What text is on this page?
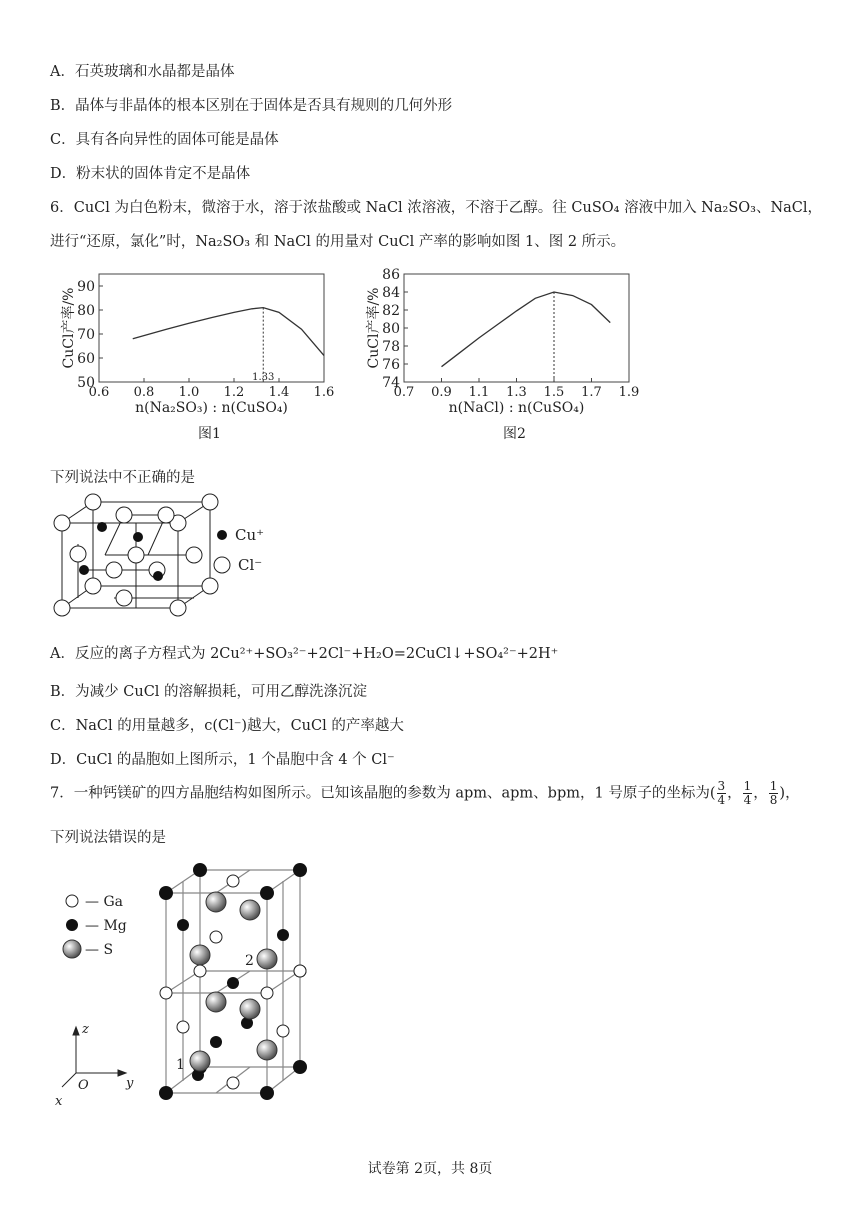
A．石英玻璃和水晶都是晶体
B．晶体与非晶体的根本区别在于固体是否具有规则的几何外形
C．具有各向异性的固体可能是晶体
D．粉末状的固体肯定不是晶体
6．CuCl 为白色粉末，微溶于水，溶于浓盐酸或 NaCl 浓溶液，不溶于乙醇。往 CuSO₄ 溶液中加入 Na₂SO₃、NaCl，
进行“还原，氯化”时，Na₂SO₃ 和 NaCl 的用量对 CuCl 产率的影响如图 1、图 2 所示。
0.6 0.8 1.0 1.2 1.4 1.6
50
60
70
80
90
1.33
CuCl产率/%
n(Na₂SO₃) : n(CuSO₄)
图1
0.7 0.9 1.1 1.3 1.5 1.7 1.9
74
76
78
80
82
84
86
CuCl产率/%
n(NaCl) : n(CuSO₄)
图2
下列说法中不正确的是
Cu⁺
Cl⁻
A．反应的离子方程式为 2Cu²⁺+SO₃²⁻+2Cl⁻+H₂O=2CuCl↓+SO₄²⁻+2H⁺
B．为减少 CuCl 的溶解损耗，可用乙醇洗涤沉淀
C．NaCl 的用量越多，c(Cl⁻)越大，CuCl 的产率越大
D．CuCl 的晶胞如上图所示，1 个晶胞中含 4 个 Cl⁻
7．一种钙镁矿的四方晶胞结构如图所示。已知该晶胞的参数为 apm、apm、bpm，1 号原子的坐标为( $\frac{3}{4}$ ， $\frac{1}{4}$ ， $\frac{1}{8}$ )，
下列说法错误的是
— Ga
— Mg
— S
z
y
x
O
1
2
试卷第 2页，共 8页
